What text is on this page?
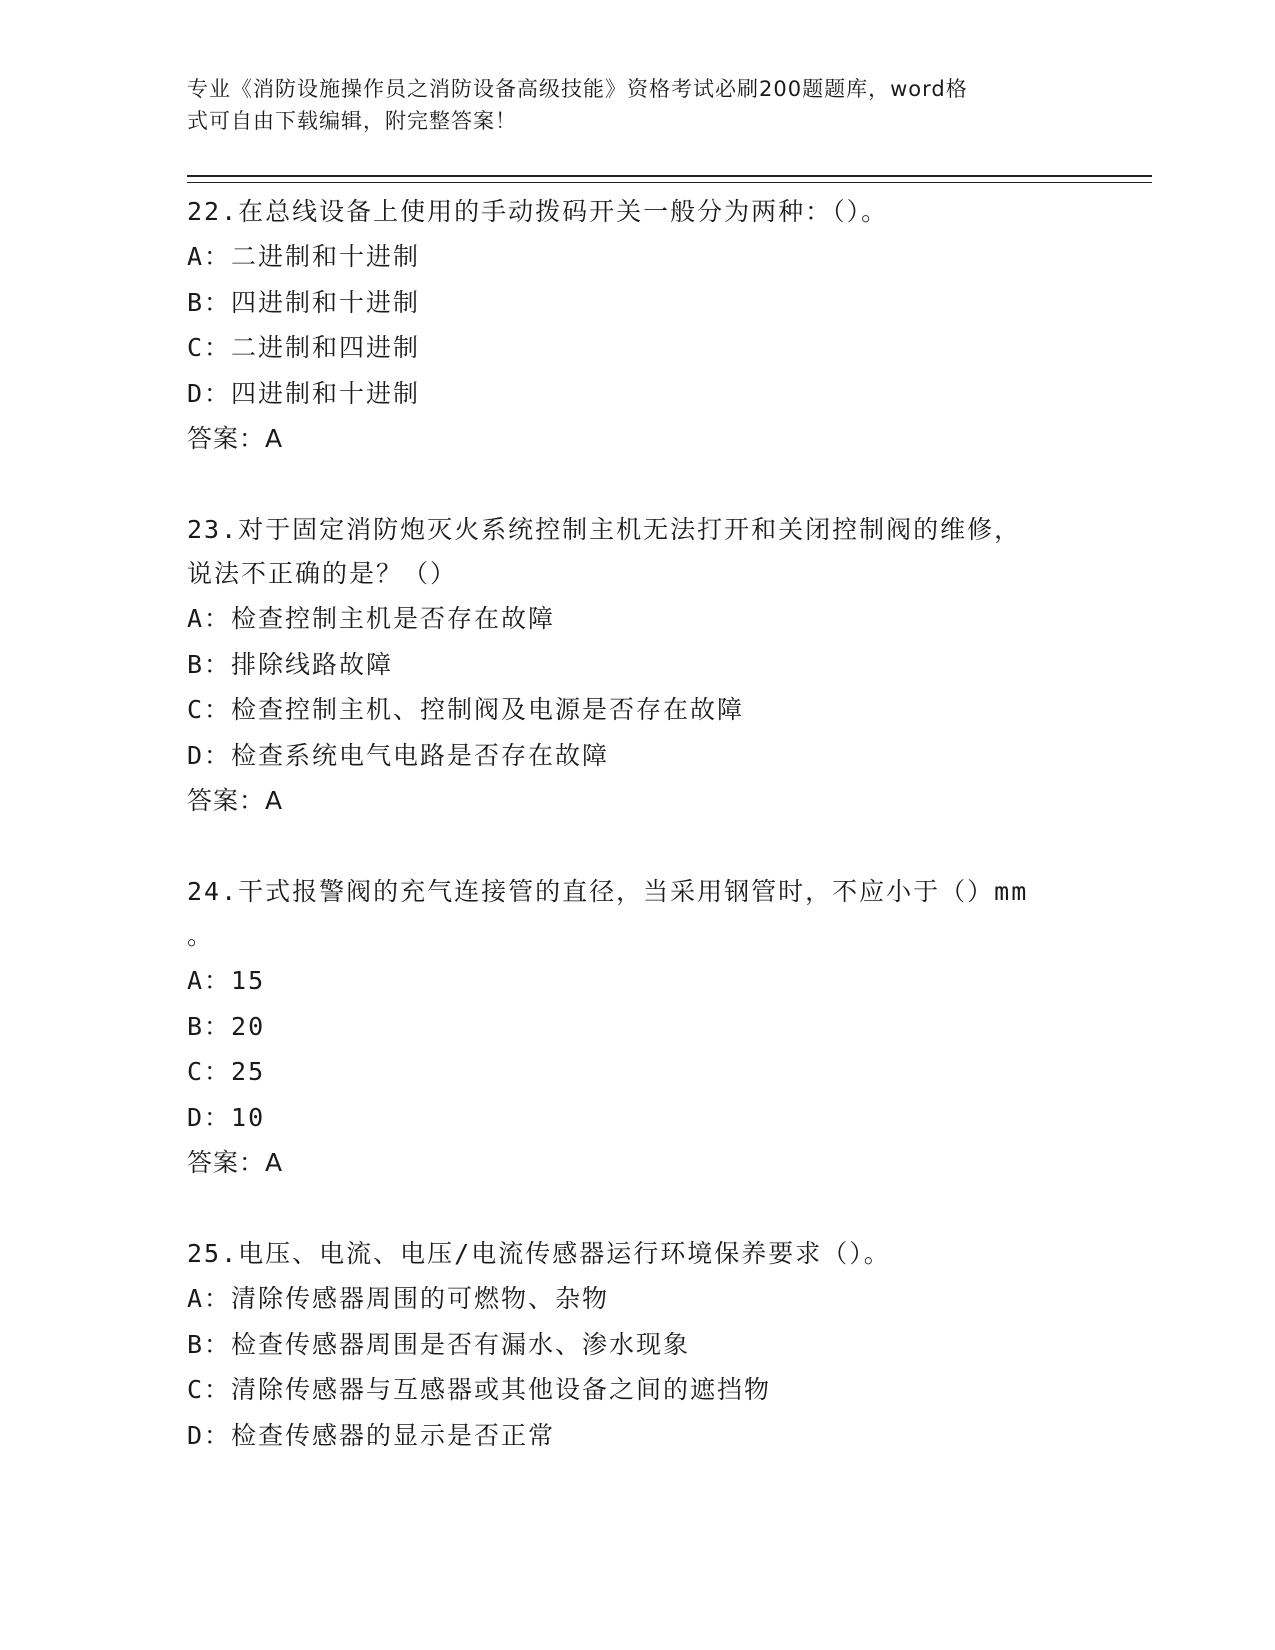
专业《消防设施操作员之消防设备高级技能》资格考试必刷200题题库，word格
式可自由下载编辑，附完整答案！

22.在总线设备上使用的手动拨码开关一般分为两种：（）。

A：二进制和十进制

B：四进制和十进制

C：二进制和四进制

D：四进制和十进制

答案：A

23.对于固定消防炮灭火系统控制主机无法打开和关闭控制阀的维修，

说法不正确的是？（）

A：检查控制主机是否存在故障

B：排除线路故障

C：检查控制主机、控制阀及电源是否存在故障

D：检查系统电气电路是否存在故障

答案：A

24.干式报警阀的充气连接管的直径，当采用钢管时，不应小于（）mm

。

A：15

B：20

C：25

D：10

答案：A

25.电压、电流、电压/电流传感器运行环境保养要求（）。

A：清除传感器周围的可燃物、杂物

B：检查传感器周围是否有漏水、渗水现象

C：清除传感器与互感器或其他设备之间的遮挡物

D：检查传感器的显示是否正常
